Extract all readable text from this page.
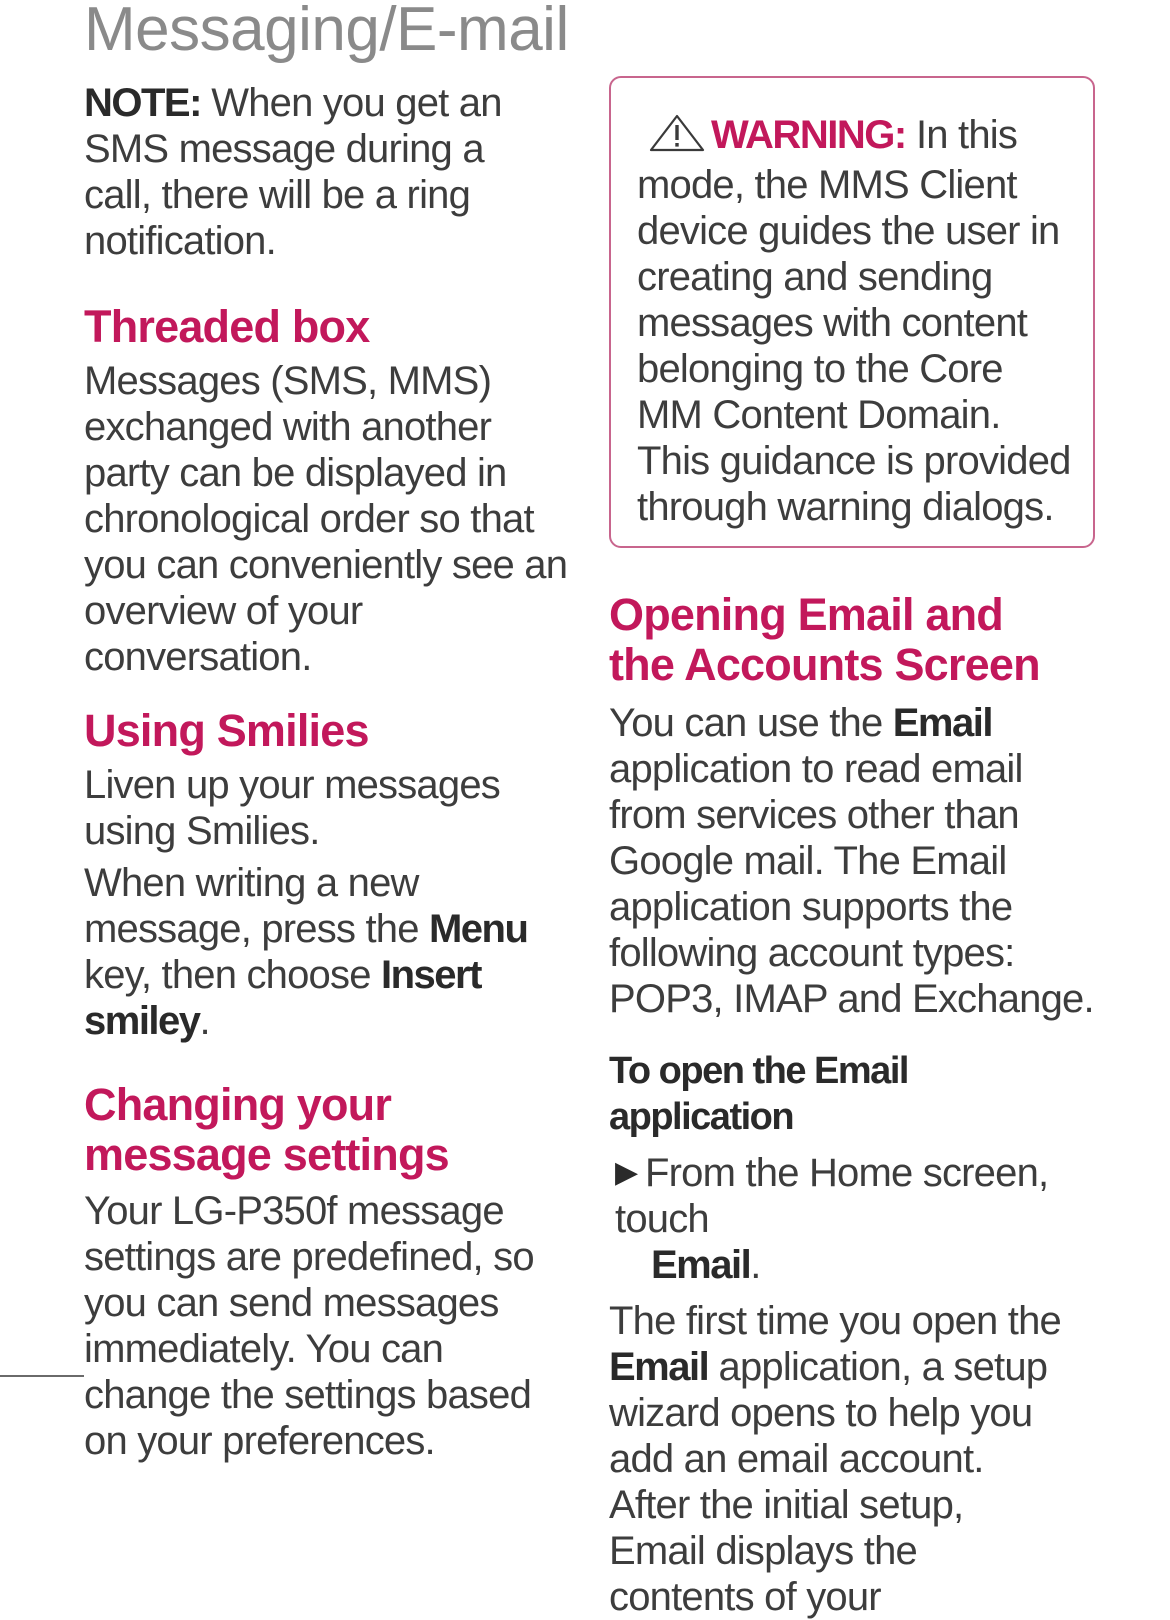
Messaging/E-mail

NOTE: When you get an SMS message during a call, there will be a ring notification.

Threaded box

Messages (SMS, MMS) exchanged with another party can be displayed in chronological order so that you can conveniently see an overview of your conversation.

Using Smilies

Liven up your messages using Smilies.

When writing a new message, press the Menu key, then choose Insert smiley.

Changing your message settings

Your LG-P350f message settings are predefined, so you can send messages immediately. You can change the settings based on your preferences.

WARNING: In this mode, the MMS Client device guides the user in creating and sending messages with content belonging to the Core MM Content Domain. This guidance is provided through warning dialogs.

Opening Email and the Accounts Screen

You can use the Email application to read email from services other than Google mail. The Email application supports the following account types: POP3, IMAP and Exchange.

To open the Email application

▶ From the Home screen, touch
Email.

The first time you open the Email application, a setup wizard opens to help you add an email account.

After the initial setup, Email displays the contents of your
